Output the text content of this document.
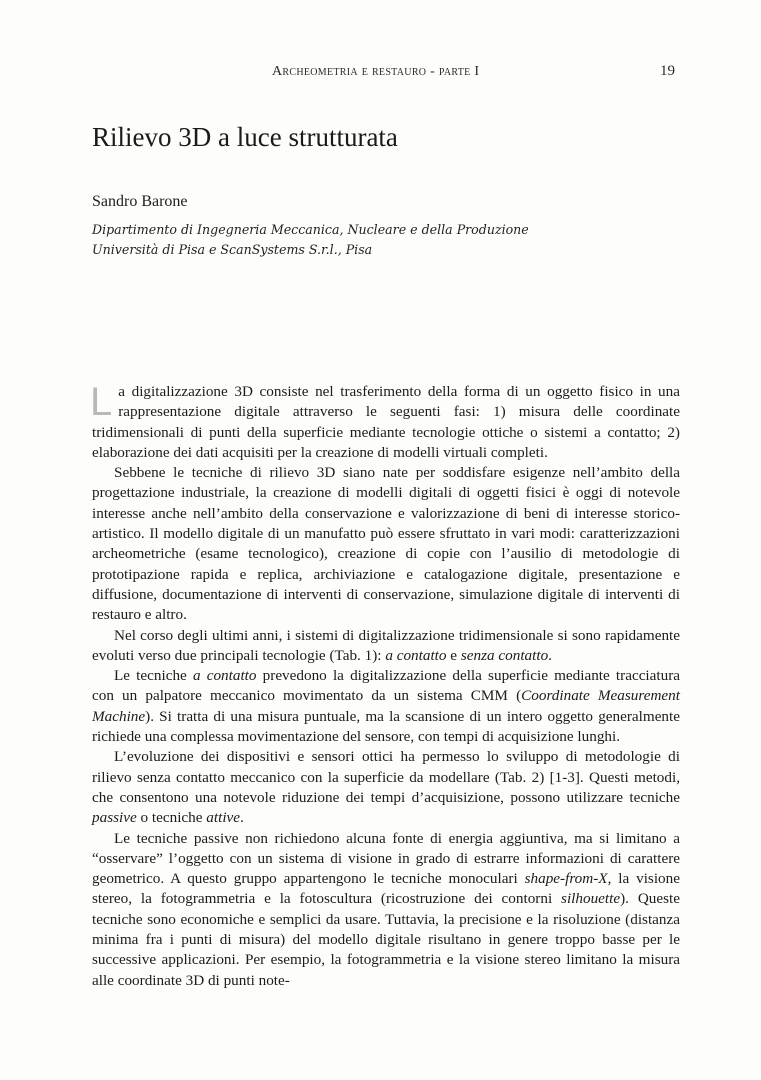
Archeometria e restauro - parte I	19
Rilievo 3D a luce strutturata
Sandro Barone
Dipartimento di Ingegneria Meccanica, Nucleare e della Produzione
Università di Pisa e ScanSystems S.r.l., Pisa

La digitalizzazione 3D consiste nel trasferimento della forma di un oggetto fisico in una rappresentazione digitale attraverso le seguenti fasi: 1) misura delle coordinate tridimensionali di punti della superficie mediante tecnologie ottiche o sistemi a contatto; 2) elaborazione dei dati acquisiti per la creazione di modelli virtuali completi.

Sebbene le tecniche di rilievo 3D siano nate per soddisfare esigenze nell’ambito della progettazione industriale, la creazione di modelli digitali di oggetti fisici è oggi di notevole interesse anche nell’ambito della conservazione e valorizzazione di beni di interesse storico-artistico. Il modello digitale di un manufatto può essere sfruttato in vari modi: caratterizzazioni archeometriche (esame tecnologico), creazione di copie con l’ausilio di metodologie di prototipazione rapida e replica, archiviazione e catalogazione digitale, presentazione e diffusione, documentazione di interventi di conservazione, simulazione digitale di interventi di restauro e altro.

Nel corso degli ultimi anni, i sistemi di digitalizzazione tridimensionale si sono rapidamente evoluti verso due principali tecnologie (Tab. 1): a contatto e senza contatto.

Le tecniche a contatto prevedono la digitalizzazione della superficie mediante tracciatura con un palpatore meccanico movimentato da un sistema CMM (Coordinate Measurement Machine). Si tratta di una misura puntuale, ma la scansione di un intero oggetto generalmente richiede una complessa movimentazione del sensore, con tempi di acquisizione lunghi.

L’evoluzione dei dispositivi e sensori ottici ha permesso lo sviluppo di metodologie di rilievo senza contatto meccanico con la superficie da modellare (Tab. 2) [1-3]. Questi metodi, che consentono una notevole riduzione dei tempi d’acquisizione, possono utilizzare tecniche passive o tecniche attive.

Le tecniche passive non richiedono alcuna fonte di energia aggiuntiva, ma si limitano a “osservare” l’oggetto con un sistema di visione in grado di estrarre informazioni di carattere geometrico. A questo gruppo appartengono le tecniche monoculari shape-from-X, la visione stereo, la fotogrammetria e la fotoscultura (ricostruzione dei contorni silhouette). Queste tecniche sono economiche e semplici da usare. Tuttavia, la precisione e la risoluzione (distanza minima fra i punti di misura) del modello digitale risultano in genere troppo basse per le successive applicazioni. Per esempio, la fotogrammetria e la visione stereo limitano la misura alle coordinate 3D di punti note-
